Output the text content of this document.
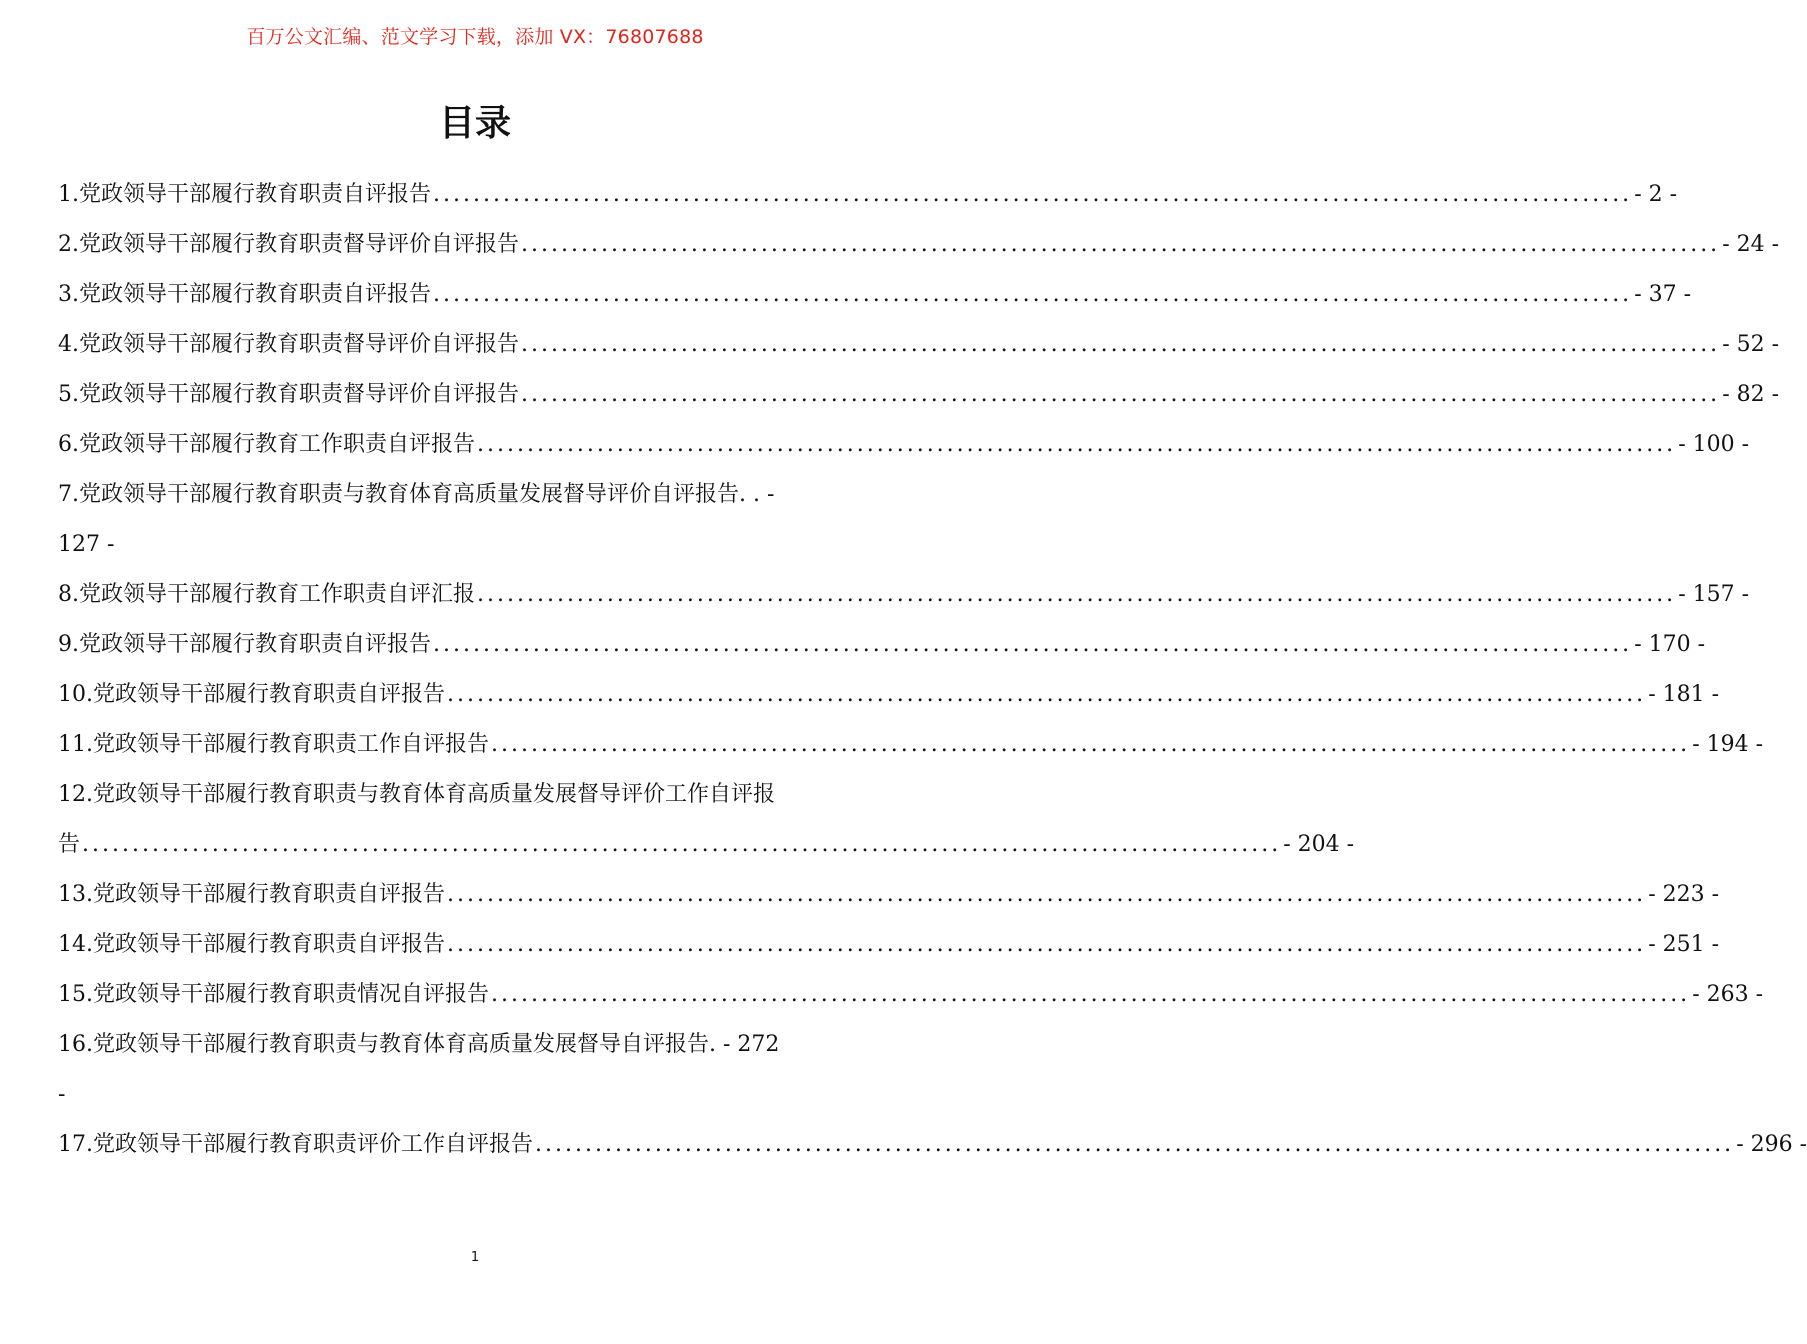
百万公文汇编、范文学习下载，添加 VX：76807688
目录
1.党政领导干部履行教育职责自评报告 ........................................................................................................................ - 2 -
2.党政领导干部履行教育职责督导评价自评报告 ........................................................................................................................ - 24 -
3.党政领导干部履行教育职责自评报告 ........................................................................................................................ - 37 -
4.党政领导干部履行教育职责督导评价自评报告 ........................................................................................................................ - 52 -
5.党政领导干部履行教育职责督导评价自评报告 ........................................................................................................................ - 82 -
6.党政领导干部履行教育工作职责自评报告 ........................................................................................................................ - 100 -
7.党政领导干部履行教育职责与教育体育高质量发展督导评价自评报告. . -
127 -
8.党政领导干部履行教育工作职责自评汇报 ........................................................................................................................ - 157 -
9.党政领导干部履行教育职责自评报告 ........................................................................................................................ - 170 -
10.党政领导干部履行教育职责自评报告 ........................................................................................................................ - 181 -
11.党政领导干部履行教育职责工作自评报告 ........................................................................................................................ - 194 -
12.党政领导干部履行教育职责与教育体育高质量发展督导评价工作自评报
告 ........................................................................................................................ - 204 -
13.党政领导干部履行教育职责自评报告 ........................................................................................................................ - 223 -
14.党政领导干部履行教育职责自评报告 ........................................................................................................................ - 251 -
15.党政领导干部履行教育职责情况自评报告 ........................................................................................................................ - 263 -
16.党政领导干部履行教育职责与教育体育高质量发展督导自评报告. - 272
-
17.党政领导干部履行教育职责评价工作自评报告 ........................................................................................................................ - 296 -
1
